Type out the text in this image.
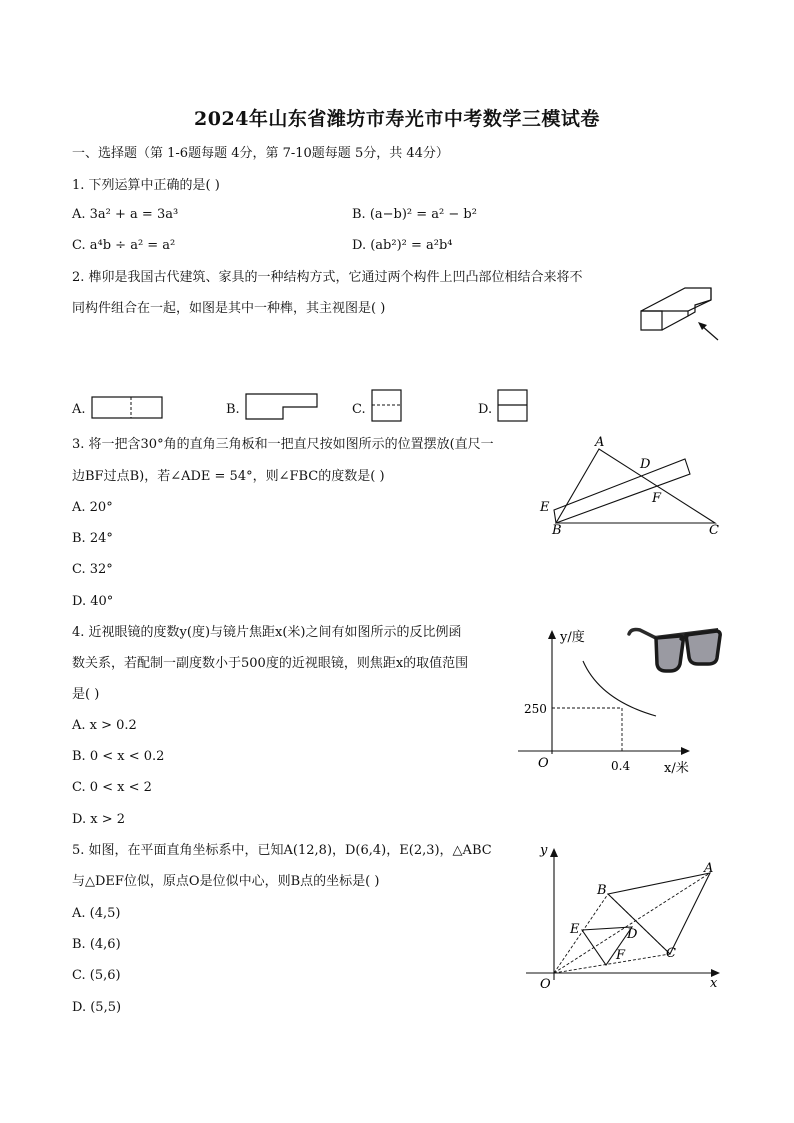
2024年山东省潍坊市寿光市中考数学三模试卷
一、选择题（第 1-6题每题 4分，第 7-10题每题 5分，共 44分）
1. 下列运算中正确的是( )
A. 3a² + a = 3a³	B. (a−b)² = a² − b²
C. a⁴b ÷ a² = a²	D. (ab²)² = a²b⁴
2. 榫卯是我国古代建筑、家具的一种结构方式，它通过两个构件上凹凸部位相结合来将不
同构件组合在一起，如图是其中一种榫，其主视图是( )
A.	B.	C.	D.
3. 将一把含30°角的直角三角板和一把直尺按如图所示的位置摆放(直尺一
边BF过点B)，若∠ADE = 54°，则∠FBC的度数是( )
A. 20°
B. 24°
C. 32°
D. 40°
A
B	C
D
E
F
4. 近视眼镜的度数y(度)与镜片焦距x(米)之间有如图所示的反比例函
数关系，若配制一副度数小于500度的近视眼镜，则焦距x的取值范围
是( )
A. x > 0.2
B. 0 < x < 0.2
C. 0 < x < 2
D. x > 2
y/度
x/米
O
250
0.4
5. 如图，在平面直角坐标系中，已知A(12,8)，D(6,4)，E(2,3)，△ABC
与△DEF位似，原点O是位似中心，则B点的坐标是( )
A. (4,5)
B. (4,6)
C. (5,6)
D. (5,5)
y
x
O
A
B
C
D
E
F
